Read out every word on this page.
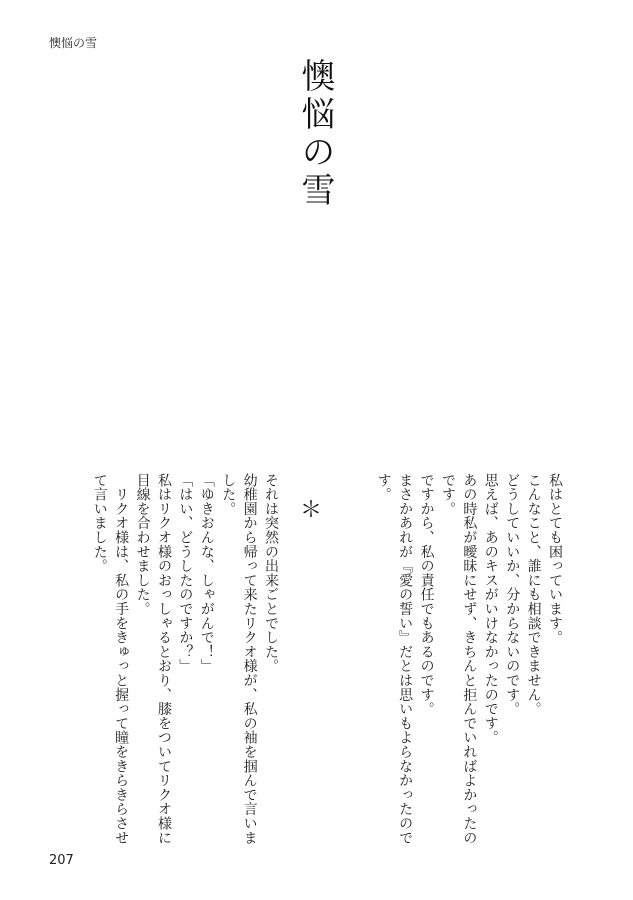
懊悩の雪
懊悩の雪

私はとても困っています。

こんなこと、誰にも相談できません。

どうしていいか、分からないのです。

思えば、あのキスがいけなかったのです。

あの時私が曖昧にせず、きちんと拒んでいればよかったのです。

ですから、私の責任でもあるのです。

まさかあれが『愛の誓い』だとは思いもよらなかったのです。

＊

それは突然の出来ごとでした。

幼稚園から帰って来たリクオ様が、私の袖を掴んで言いました。

「ゆきおんな、しゃがんで！」

「はい、どうしたのですか？」

私はリクオ様のおっしゃるとおり、膝をついてリクオ様に目線を合わせました。

　リクオ様は、私の手をきゅっと握って瞳をきらきらさせて言いました。

207
